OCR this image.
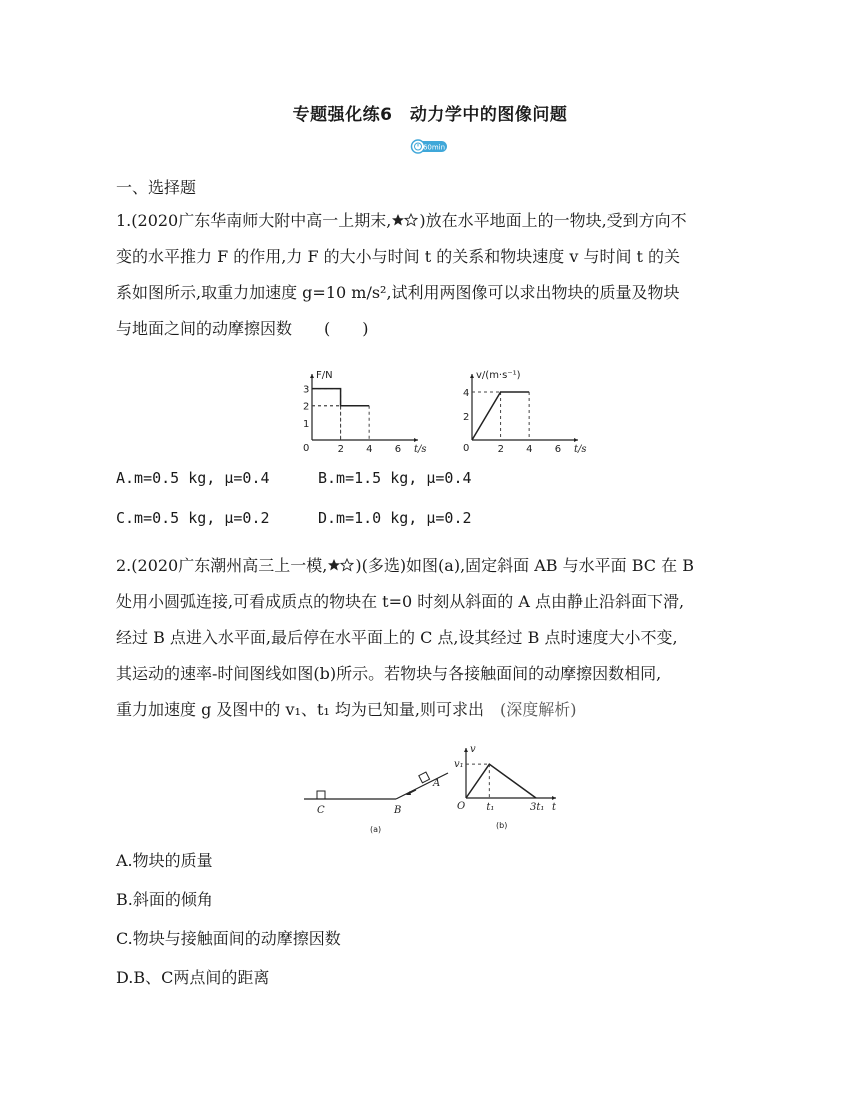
专题强化练6　动力学中的图像问题
60min
一、选择题
1.(2020广东华南师大附中高一上期末, )放在水平地面上的一物块,受到方向不
变的水平推力 F 的作用,力 F 的大小与时间 t 的关系和物块速度 v 与时间 t 的关
系如图所示,取重力加速度 g=10 m/s²,试利用两图像可以求出物块的质量及物块
与地面之间的动摩擦因数　　(　　)
F/N
t/s
0	2 4 6
1
2
3
v/(m·s⁻¹)
t/s
0	2 4 6
2
4
A.m=0.5 kg, μ=0.4	B.m=1.5 kg, μ=0.4
C.m=0.5 kg, μ=0.2	D.m=1.0 kg, μ=0.2
2.(2020广东潮州高三上一模, )(多选)如图(a),固定斜面 AB 与水平面 BC 在 B
处用小圆弧连接,可看成质点的物块在 t=0 时刻从斜面的 A 点由静止沿斜面下滑,
经过 B 点进入水平面,最后停在水平面上的 C 点,设其经过 B 点时速度大小不变,
其运动的速率-时间图线如图(b)所示。若物块与各接触面间的动摩擦因数相同,
重力加速度 g 及图中的 v₁、t₁ 均为已知量,则可求出　 (深度解析)
C	B
A
(a)
v
t
O t₁	3t₁
v₁
(b)
A.物块的质量
B.斜面的倾角
C.物块与接触面间的动摩擦因数
D.B、C两点间的距离
